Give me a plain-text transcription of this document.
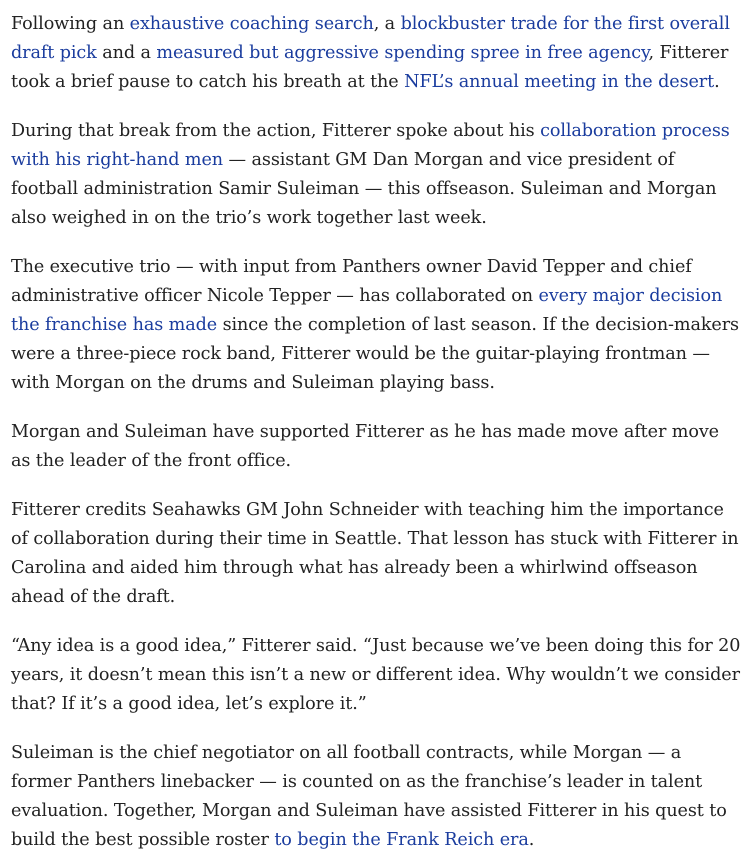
Following an exhaustive coaching search, a blockbuster trade for the first overall draft pick and a measured but aggressive spending spree in free agency, Fitterer took a brief pause to catch his breath at the NFL’s annual meeting in the desert.

During that break from the action, Fitterer spoke about his collaboration process with his right-hand men — assistant GM Dan Morgan and vice president of football administration Samir Suleiman — this offseason. Suleiman and Morgan also weighed in on the trio’s work together last week.

The executive trio — with input from Panthers owner David Tepper and chief administrative officer Nicole Tepper — has collaborated on every major decision the franchise has made since the completion of last season. If the decision-makers were a three-piece rock band, Fitterer would be the guitar-playing frontman — with Morgan on the drums and Suleiman playing bass.

Morgan and Suleiman have supported Fitterer as he has made move after move as the leader of the front office.

Fitterer credits Seahawks GM John Schneider with teaching him the importance of collaboration during their time in Seattle. That lesson has stuck with Fitterer in Carolina and aided him through what has already been a whirlwind offseason ahead of the draft.

“Any idea is a good idea,” Fitterer said. “Just because we’ve been doing this for 20 years, it doesn’t mean this isn’t a new or different idea. Why wouldn’t we consider that? If it’s a good idea, let’s explore it.”

Suleiman is the chief negotiator on all football contracts, while Morgan — a former Panthers linebacker — is counted on as the franchise’s leader in talent evaluation. Together, Morgan and Suleiman have assisted Fitterer in his quest to build the best possible roster to begin the Frank Reich era.
